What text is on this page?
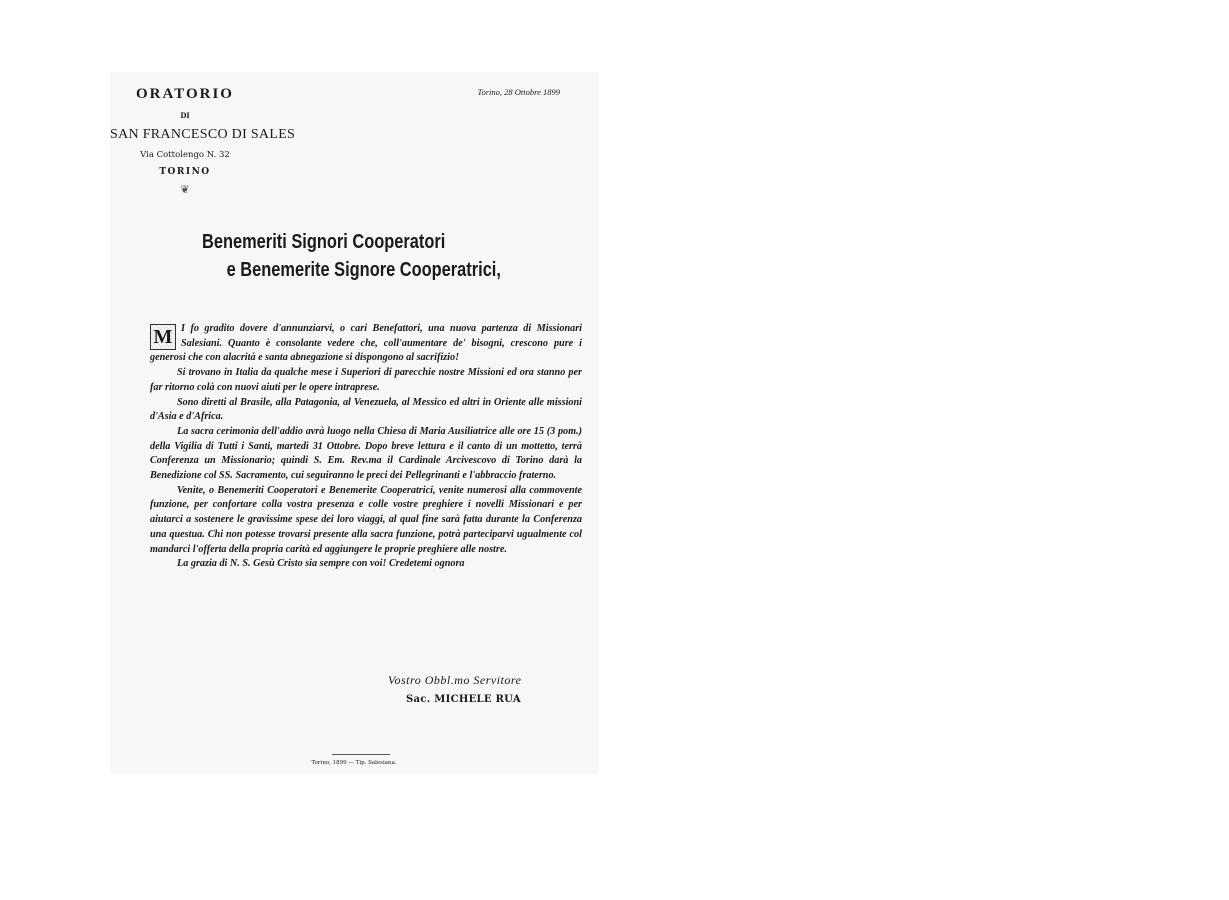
ORATORIO
DI
SAN FRANCESCO DI SALES
Via Cottolengo N. 32
TORINO
❦
Torino, 28 Ottobre 1899
Benemeriti Signori Cooperatori
e Benemerite Signore Cooperatrici,

M I fo gradito dovere d'annunziarvi, o cari Benefattori, una nuova partenza di Missionari Salesiani. Quanto è consolante vedere che, coll'aumentare de' bisogni, crescono pure i generosi che con alacrità e santa abnegazione si dispongono al sacrifizio!

Si trovano in Italia da qualche mese i Superiori di parecchie nostre Missioni ed ora stanno per far ritorno colà con nuovi aiuti per le opere intraprese.

Sono diretti al Brasile, alla Patagonia, al Venezuela, al Messico ed altri in Oriente alle missioni d'Asia e d'Africa.

La sacra cerimonia dell'addio avrà luogo nella Chiesa di Maria Ausiliatrice alle ore 15 (3 pom.) della Vigilia di Tutti i Santi, martedì 31 Ottobre. Dopo breve lettura e il canto di un mottetto, terrà Conferenza un Missionario; quindi S. Em. Rev.ma il Cardinale Arcivescovo di Torino darà la Benedizione col SS. Sacramento, cui seguiranno le preci dei Pellegrinanti e l'abbraccio fraterno.

Venite, o Benemeriti Cooperatori e Benemerite Cooperatrici, venite numerosi alla commovente funzione, per confortare colla vostra presenza e colle vostre preghiere i novelli Missionari e per aiutarci a sostenere le gravissime spese dei loro viaggi, al qual fine sarà fatta durante la Conferenza una questua. Chi non potesse trovarsi presente alla sacra funzione, potrà parteciparvi ugualmente col mandarci l'offerta della propria carità ed aggiungere le proprie preghiere alle nostre.

La grazia di N. S. Gesù Cristo sia sempre con voi! Credetemi ognora

Vostro Obbl.mo Servitore
Sac. MICHELE RUA
Torino, 1899 — Tip. Salesiana.
